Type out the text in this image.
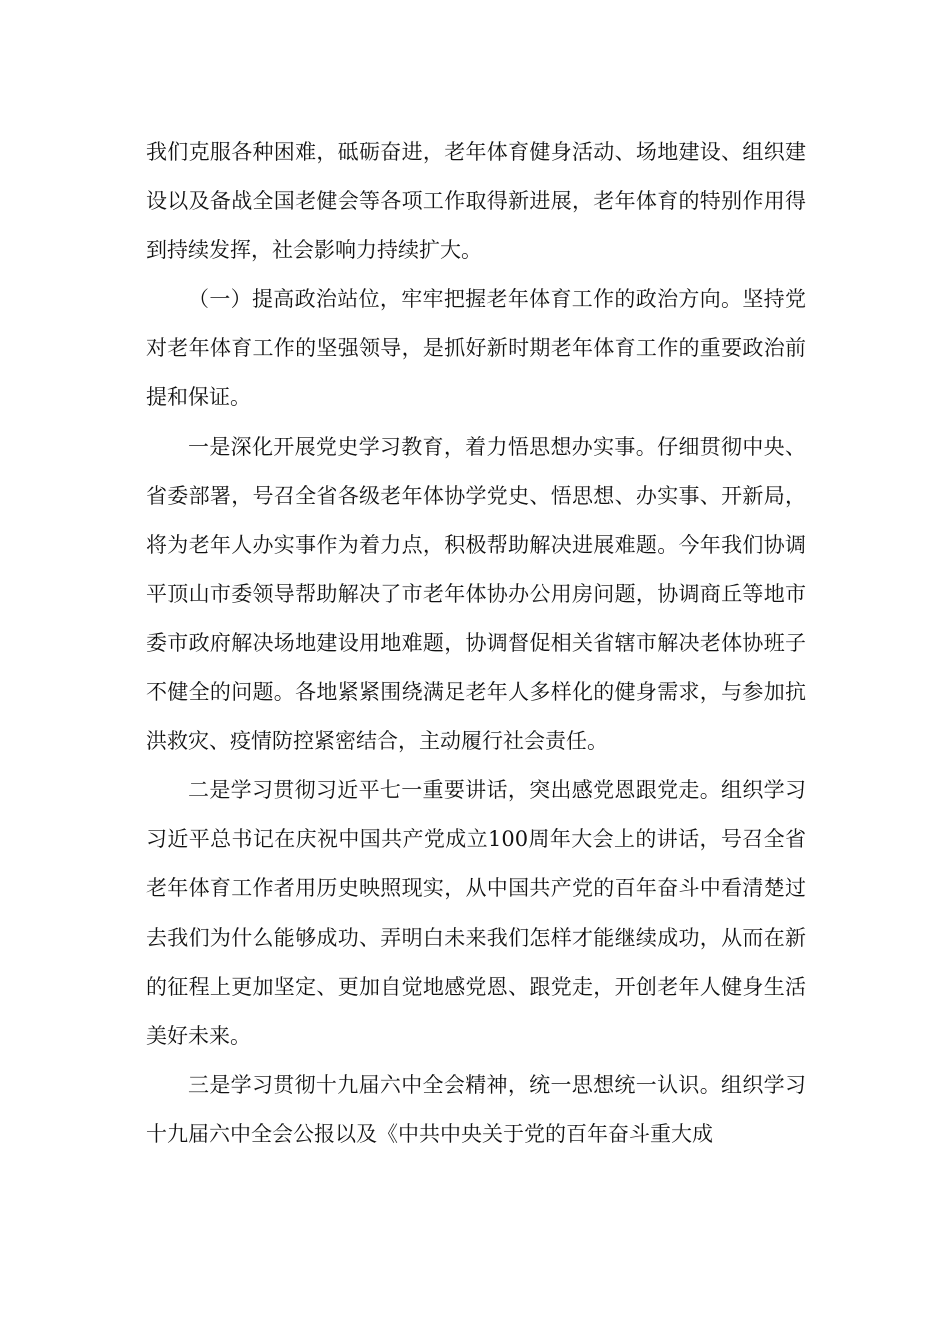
我们克服各种困难，砥砺奋进，老年体育健身活动、场地建设、组织建设以及备战全国老健会等各项工作取得新进展，老年体育的特别作用得到持续发挥，社会影响力持续扩大。

（一）提高政治站位，牢牢把握老年体育工作的政治方向。坚持党对老年体育工作的坚强领导，是抓好新时期老年体育工作的重要政治前提和保证。

一是深化开展党史学习教育，着力悟思想办实事。仔细贯彻中央、省委部署，号召全省各级老年体协学党史、悟思想、办实事、开新局，将为老年人办实事作为着力点，积极帮助解决进展难题。今年我们协调平顶山市委领导帮助解决了市老年体协办公用房问题，协调商丘等地市委市政府解决场地建设用地难题，协调督促相关省辖市解决老体协班子不健全的问题。各地紧紧围绕满足老年人多样化的健身需求，与参加抗洪救灾、疫情防控紧密结合，主动履行社会责任。

二是学习贯彻习近平七一重要讲话，突出感党恩跟党走。组织学习习近平总书记在庆祝中国共产党成立100周年大会上的讲话，号召全省老年体育工作者用历史映照现实，从中国共产党的百年奋斗中看清楚过去我们为什么能够成功、弄明白未来我们怎样才能继续成功，从而在新的征程上更加坚定、更加自觉地感党恩、跟党走，开创老年人健身生活美好未来。

三是学习贯彻十九届六中全会精神，统一思想统一认识。组织学习十九届六中全会公报以及《中共中央关于党的百年奋斗重大成
